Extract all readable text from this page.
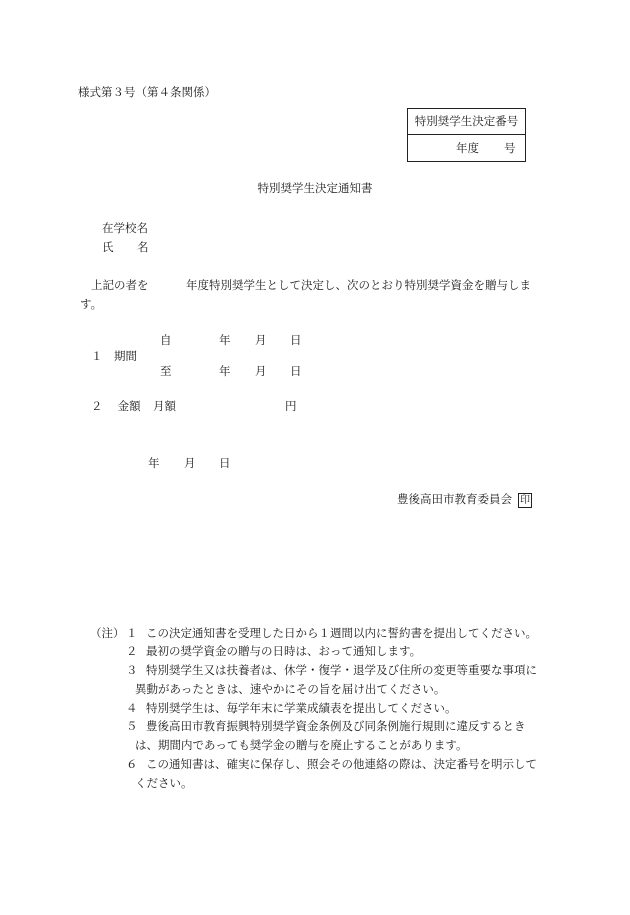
様式第３号（第４条関係）
特別奨学生決定番号
年度 号
特別奨学生決定通知書
在学校名
氏 名
上記の者を	年度特別奨学生として決定し、次のとおり特別奨学資金を贈与しま
す。
自	年 月 日
１　期間
至	年 月 日
２　 金額 月額	円
年 月 日
豊後高田市教育委員会 印
（注） １ この決定通知書を受理した日から１週間以内に誓約書を提出してください。
２ 最初の奨学資金の贈与の日時は、おって通知します。
３ 特別奨学生又は扶養者は、休学・復学・退学及び住所の変更等重要な事項に
異動があったときは、速やかにその旨を届け出てください。
４ 特別奨学生は、毎学年末に学業成績表を提出してください。
５ 豊後高田市教育振興特別奨学資金条例及び同条例施行規則に違反するとき
は、期間内であっても奨学金の贈与を廃止することがあります。
６ この通知書は、確実に保存し、照会その他連絡の際は、決定番号を明示して
ください。
